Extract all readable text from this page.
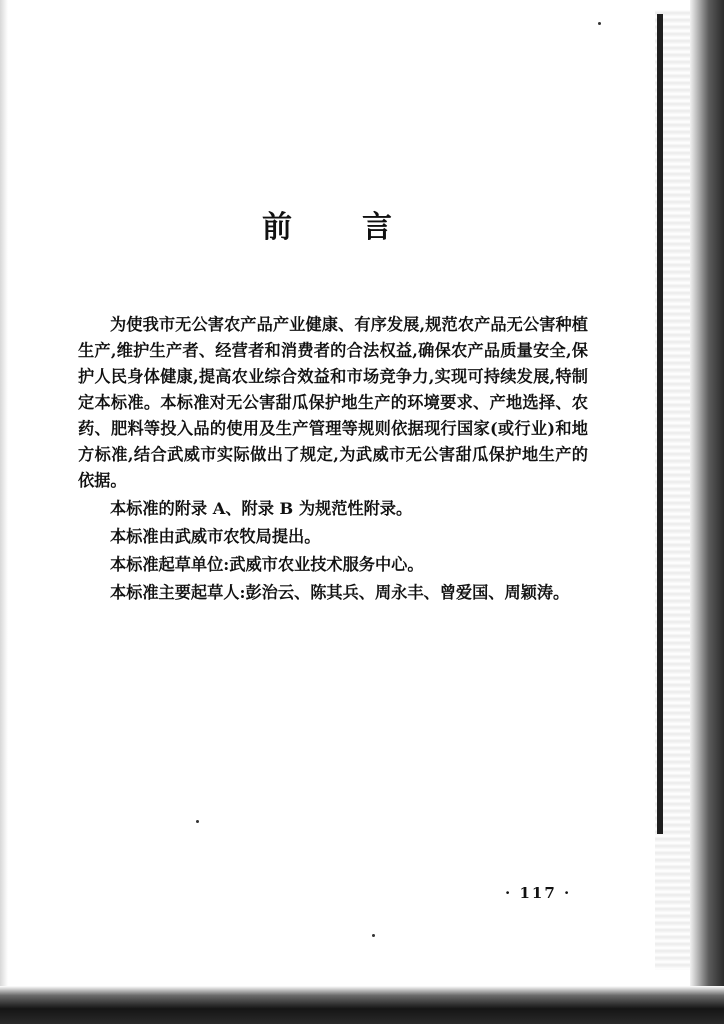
前 言

为使我市无公害农产品产业健康、有序发展,规范农产品无公害种植生产,维护生产者、经营者和消费者的合法权益,确保农产品质量安全,保护人民身体健康,提高农业综合效益和市场竞争力,实现可持续发展,特制定本标准。本标准对无公害甜瓜保护地生产的环境要求、产地选择、农药、肥料等投入品的使用及生产管理等规则依据现行国家(或行业)和地方标准,结合武威市实际做出了规定,为武威市无公害甜瓜保护地生产的依据。

本标准的附录 A、附录 B 为规范性附录。

本标准由武威市农牧局提出。

本标准起草单位:武威市农业技术服务中心。

本标准主要起草人:彭治云、陈其兵、周永丰、曾爱国、周颖涛。

· 117 ·
